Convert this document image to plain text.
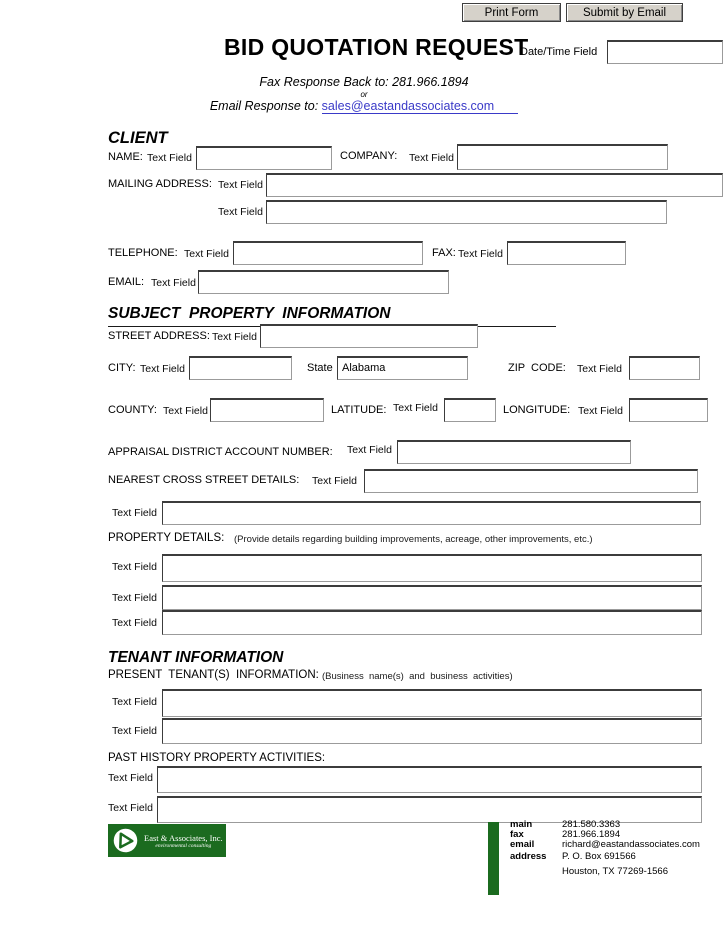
Print Form	Submit by Email
BID QUOTATION REQUEST
Date/Time Field
Fax Response Back to: 281.966.1894
or
Email Response to: sales@eastandassociates.com
CLIENT
NAME: Text Field	COMPANY: Text Field
MAILING ADDRESS: Text Field
Text Field
TELEPHONE: Text Field	FAX: Text Field
EMAIL: Text Field
SUBJECT  PROPERTY  INFORMATION
STREET ADDRESS: Text Field
CITY: Text Field	State Alabama	ZIP  CODE: Text Field
COUNTY: Text Field	LATITUDE: Text Field	LONGITUDE: Text Field
APPRAISAL DISTRICT ACCOUNT NUMBER: Text Field
NEAREST CROSS STREET DETAILS: Text Field
Text Field
PROPERTY DETAILS: (Provide details regarding building improvements, acreage, other improvements, etc.)
Text Field
Text Field
Text Field
TENANT INFORMATION
PRESENT  TENANT(S)  INFORMATION: (Business  name(s)  and  business  activities)
Text Field
Text Field
PAST HISTORY PROPERTY ACTIVITIES:
Text Field
Text Field
East & Associates, Inc.
environmental consulting
main	281.580.3363
fax	281.966.1894
email	richard@eastandassociates.com
address	P. O. Box 691566
Houston, TX 77269-1566
